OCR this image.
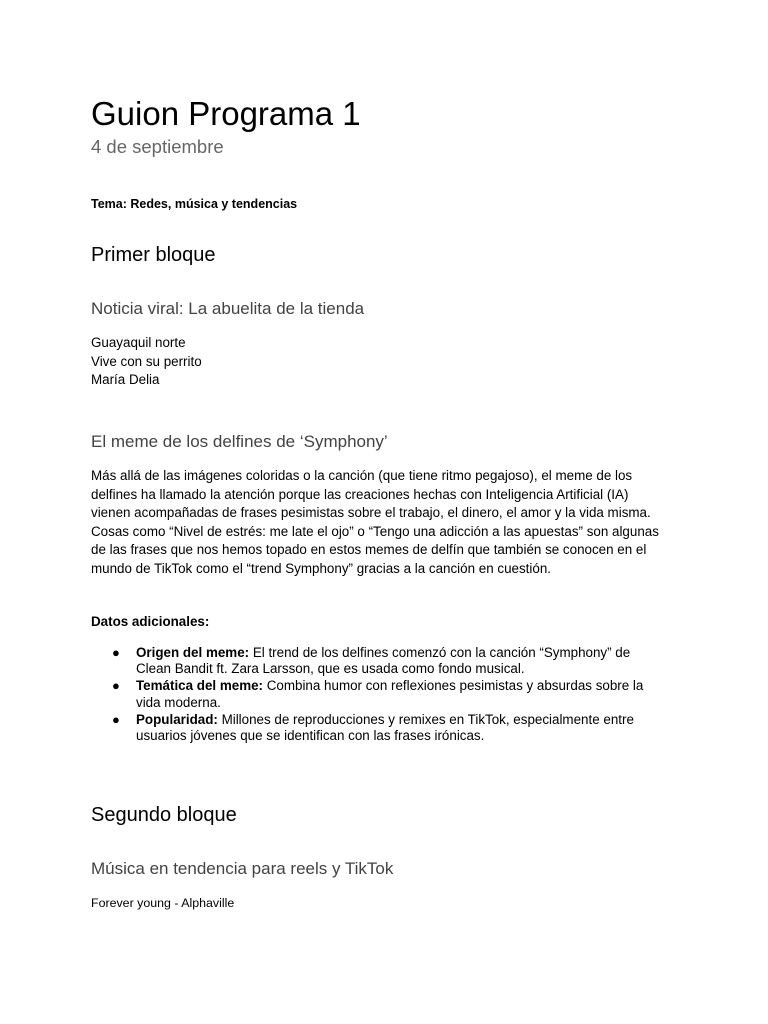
Guion Programa 1
4 de septiembre
Tema: Redes, música y tendencias
Primer bloque
Noticia viral: La abuelita de la tienda
Guayaquil norte
Vive con su perrito
María Delia
El meme de los delfines de ‘Symphony’
Más allá de las imágenes coloridas o la canción (que tiene ritmo pegajoso), el meme de los
delfines ha llamado la atención porque las creaciones hechas con Inteligencia Artificial (IA)
vienen acompañadas de frases pesimistas sobre el trabajo, el dinero, el amor y la vida misma.
Cosas como “Nivel de estrés: me late el ojo” o “Tengo una adicción a las apuestas” son algunas
de las frases que nos hemos topado en estos memes de delfín que también se conocen en el
mundo de TikTok como el “trend Symphony” gracias a la canción en cuestión.
Datos adicionales:
● Origen del meme: El trend de los delfines comenzó con la canción “Symphony” de
Clean Bandit ft. Zara Larsson, que es usada como fondo musical.
● Temática del meme: Combina humor con reflexiones pesimistas y absurdas sobre la
vida moderna.
● Popularidad: Millones de reproducciones y remixes en TikTok, especialmente entre
usuarios jóvenes que se identifican con las frases irónicas.
Segundo bloque
Música en tendencia para reels y TikTok
Forever young - Alphaville
